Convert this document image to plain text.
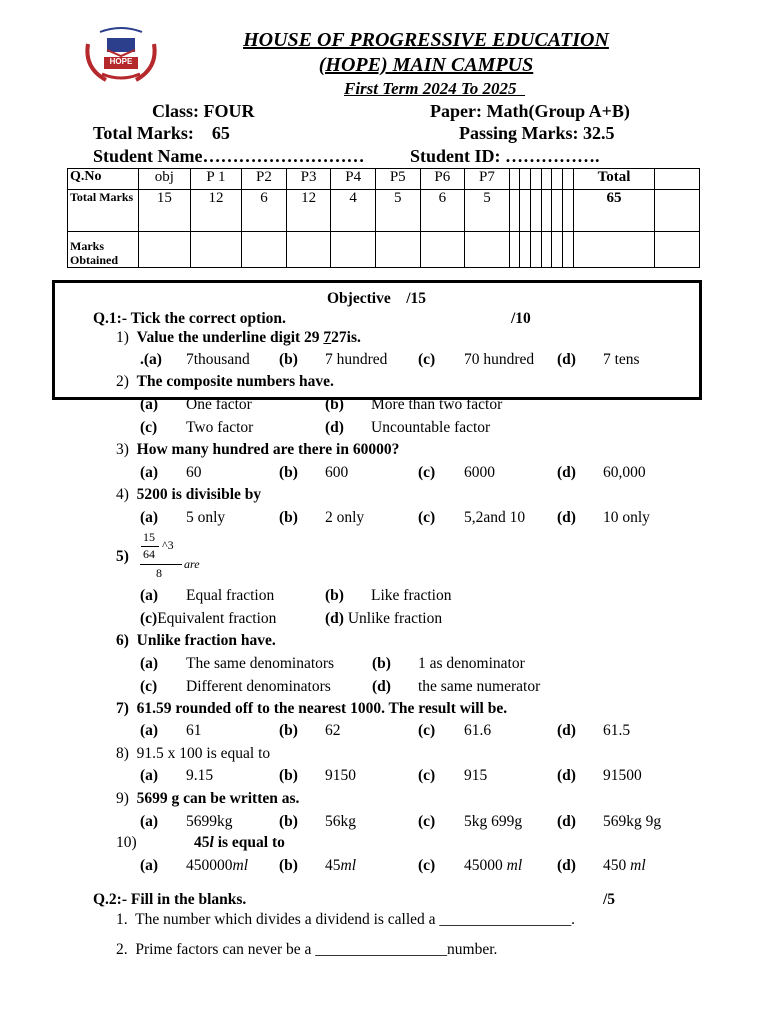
HOPE
HOUSE OF PROGRESSIVE EDUCATION
(HOPE) MAIN CAMPUS
First Term 2024 To 2025
Class: FOUR	Paper: Math(Group A+B)
Total Marks: 65	Passing Marks: 32.5
Student Name………………………	Student ID: …………….
Q.No	obj	P 1	P2	P3	P4	P5	P6	P7							Total	
Total Marks	15	12	6	12	4	5	6	5							65	
Marks Obtained																
Objective /15
Q.1:- Tick the correct option.	/10
1) Value the underline digit 29 727is.
.(a) 7thousand (b) 7 hundred (c) 70 hundred (d) 7 tens
2) The composite numbers have.
(a) One factor	(b) More than two factor
(c) Two factor	(d) Uncountable factor
3) How many hundred are there in 60000?
(a) 60	(b) 600	(c) 6000	(d) 60,000
4) 5200 is divisible by
(a) 5 only	(b) 2 only	(c) 5,2and 10 (d) 10 only
5)
15
^3
64
8
are
(a) Equal fraction	(b) Like fraction
(c)Equivalent fraction	(d) Unlike fraction
6) Unlike fraction have.
(a) The same denominators (b) 1 as denominator
(c) Different denominators	(d) the same numerator
7) 61.59 rounded off to the nearest 1000. The result will be.
(a) 61	(b) 62	(c) 61.6	(d) 61.5
8) 91.5 x 100 is equal to
(a) 9.15	(b) 9150	(c) 915	(d) 91500
9) 5699 g can be written as.
(a) 5699kg	(b) 56kg	(c) 5kg 699g (d) 569kg 9g
10)	45l is equal to
(a) 450000ml (b) 45ml	(c) 45000 ml (d) 450 ml
Q.2:- Fill in the blanks.	/5
1. The number which divides a dividend is called a _________________.
2. Prime factors can never be a _________________number.
